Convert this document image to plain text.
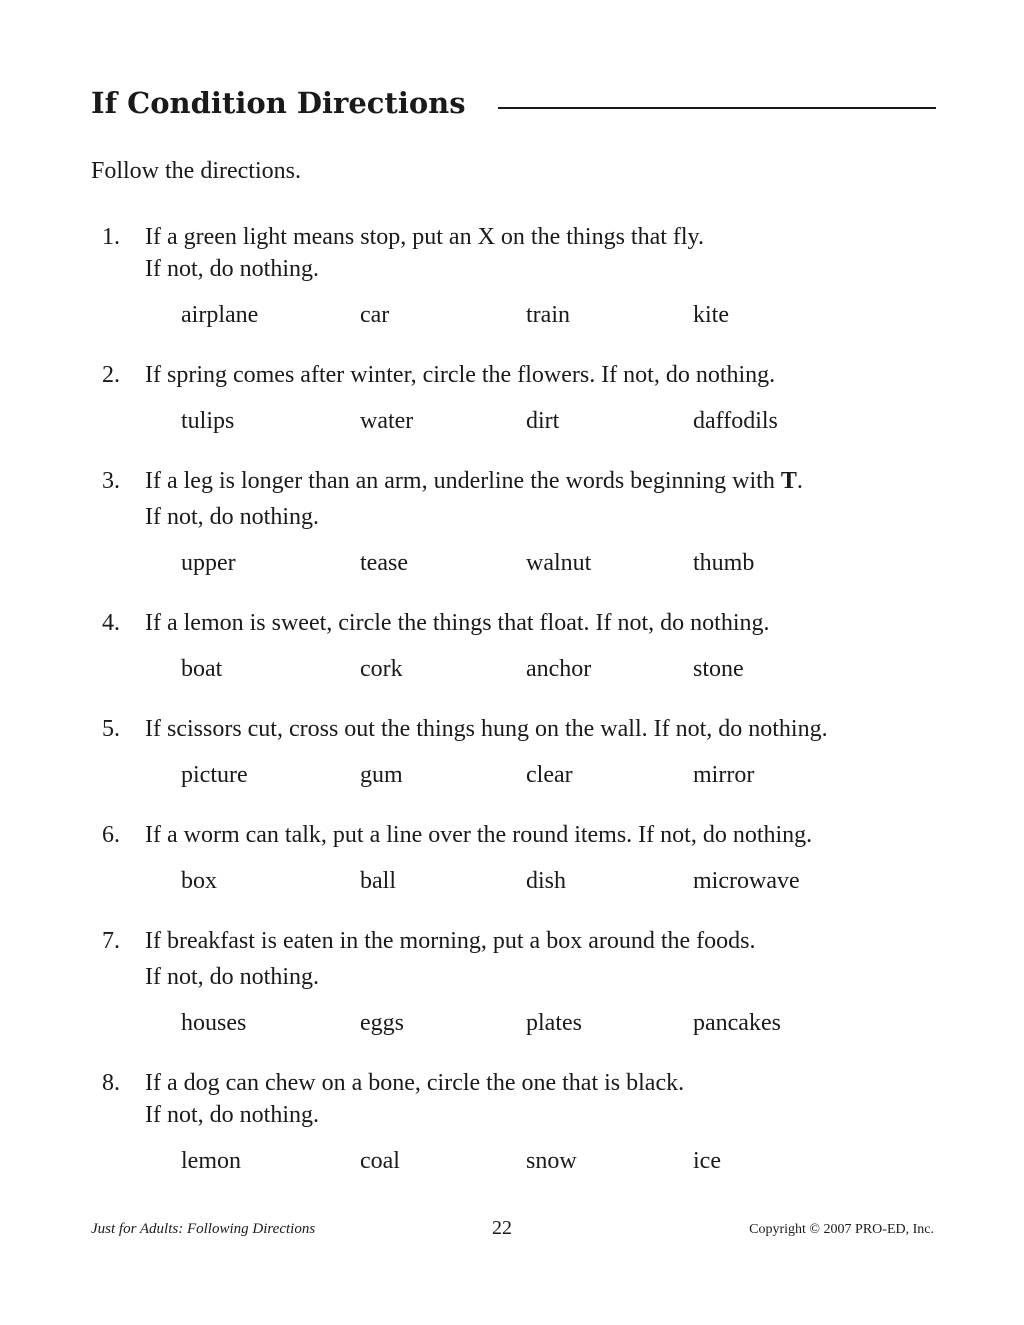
If Condition Directions
Follow the directions.
1. If a green light means stop, put an X on the things that fly.
If not, do nothing.
airplane	car	train	kite
2. If spring comes after winter, circle the flowers. If not, do nothing.
tulips	water	dirt	daffodils
3. If a leg is longer than an arm, underline the words beginning with T.
If not, do nothing.
upper	tease	walnut	thumb
4. If a lemon is sweet, circle the things that float. If not, do nothing.
boat	cork	anchor	stone
5. If scissors cut, cross out the things hung on the wall. If not, do nothing.
picture	gum	clear	mirror
6. If a worm can talk, put a line over the round items. If not, do nothing.
box	ball	dish	microwave
7. If breakfast is eaten in the morning, put a box around the foods.
If not, do nothing.
houses	eggs	plates	pancakes
8. If a dog can chew on a bone, circle the one that is black.
If not, do nothing.
lemon	coal	snow	ice
Just for Adults: Following Directions	22	Copyright © 2007 PRO-ED, Inc.
